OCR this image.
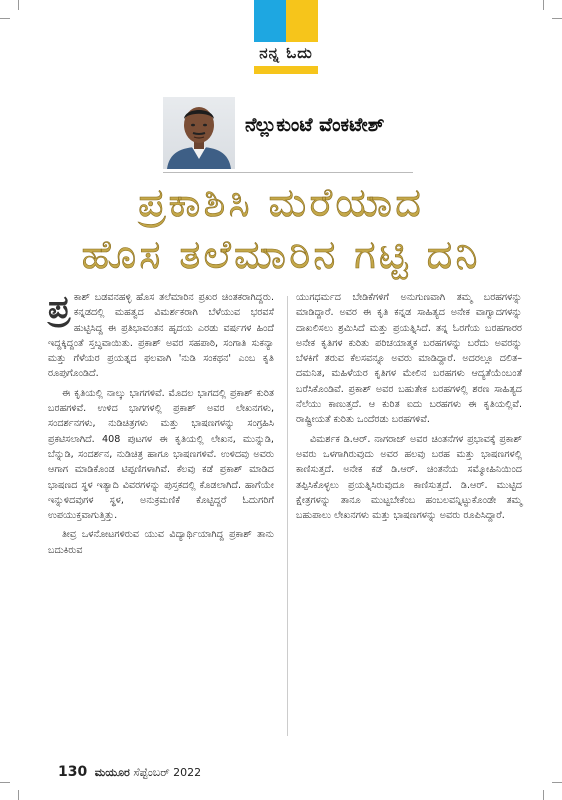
ನನ್ನ ಓದು
ನೆಲ್ಲುಕುಂಟೆ ವೆಂಕಟೇಶ್
ಪ್ರಕಾಶಿಸಿ ಮರೆಯಾದ
ಹೊಸ ತಲೆಮಾರಿನ ಗಟ್ಟಿ ದನಿ

ಪ್ರ ಕಾಶ್ ಬಡವನಹಳ್ಳಿ ಹೊಸ ತಲೆಮಾರಿನ ಪ್ರಖರ ಚಿಂತಕರಾಗಿದ್ದರು. ಕನ್ನಡದಲ್ಲಿ ಮಹತ್ವದ ವಿಮರ್ಶಕರಾಗಿ ಬೆಳೆಯುವ ಭರವಸೆ ಹುಟ್ಟಿಸಿದ್ದ ಈ ಪ್ರತಿಭಾವಂತನ ಹೃದಯ ಎರಡು ವರ್ಷಗಳ ಹಿಂದೆ ಇದ್ದಕ್ಕಿದ್ದಂತೆ ಸ್ತಬ್ಧವಾಯಿತು. ಪ್ರಕಾಶ್ ಅವರ ಸಹಪಾಠಿ, ಸಂಗಾತಿ ಸುಕನ್ಯಾ ಮತ್ತು ಗೆಳೆಯರ ಪ್ರಯತ್ನದ ಫಲವಾಗಿ 'ನುಡಿ ಸಂಕಥನ' ಎಂಬ ಕೃತಿ ರೂಪುಗೊಂಡಿದೆ.

ಈ ಕೃತಿಯಲ್ಲಿ ನಾಲ್ಕು ಭಾಗಗಳಿವೆ. ಮೊದಲ ಭಾಗದಲ್ಲಿ ಪ್ರಕಾಶ್ ಕುರಿತ ಬರಹಗಳಿವೆ. ಉಳಿದ ಭಾಗಗಳಲ್ಲಿ ಪ್ರಕಾಶ್ ಅವರ ಲೇಖನಗಳು, ಸಂದರ್ಶನಗಳು, ನುಡಿಚಿತ್ರಗಳು ಮತ್ತು ಭಾಷಣಗಳನ್ನು ಸಂಗ್ರಹಿಸಿ ಪ್ರಕಟಿಸಲಾಗಿದೆ. 408 ಪುಟಗಳ ಈ ಕೃತಿಯಲ್ಲಿ ಲೇಖನ, ಮುನ್ನುಡಿ, ಬೆನ್ನುಡಿ, ಸಂದರ್ಶನ, ನುಡಿಚಿತ್ರ ಹಾಗೂ ಭಾಷಣಗಳಿವೆ. ಉಳಿದವು ಅವರು ಆಗಾಗ ಮಾಡಿಕೊಂಡ ಟಿಪ್ಪಣಿಗಳಾಗಿವೆ. ಕೆಲವು ಕಡೆ ಪ್ರಕಾಶ್ ಮಾಡಿದ ಭಾಷಣದ ಸ್ಥಳ ಇತ್ಯಾದಿ ವಿವರಗಳನ್ನು ಪುಸ್ತಕದಲ್ಲಿ ಕೊಡಲಾಗಿದೆ. ಹಾಗೆಯೇ ಇನ್ನುಳಿದವುಗಳ ಸ್ಥಳ, ಅನುಕ್ರಮಣಿಕೆ ಕೊಟ್ಟಿದ್ದರೆ ಓದುಗರಿಗೆ ಉಪಯುಕ್ತವಾಗುತ್ತಿತ್ತು.

ತೀವ್ರ ಒಳನೋಟಗಳಿರುವ ಯುವ ವಿದ್ಯಾರ್ಥಿಯಾಗಿದ್ದ ಪ್ರಕಾಶ್ ತಾನು ಬದುಕಿರುವ

ಯುಗಧರ್ಮದ ಬೇಡಿಕೆಗಳಿಗೆ ಅನುಗುಣವಾಗಿ ತಮ್ಮ ಬರಹಗಳನ್ನು ಮಾಡಿದ್ದಾರೆ. ಅವರ ಈ ಕೃತಿ ಕನ್ನಡ ಸಾಹಿತ್ಯದ ಅನೇಕ ವಾಗ್ವಾದಗಳನ್ನು ದಾಖಲಿಸಲು ಶ್ರಮಿಸಿದೆ ಮತ್ತು ಪ್ರಯತ್ನಿಸಿದೆ. ತನ್ನ ಓರಗೆಯ ಬರಹಗಾರರ ಅನೇಕ ಕೃತಿಗಳ ಕುರಿತು ಪರಿಚಯಾತ್ಮಕ ಬರಹಗಳನ್ನು ಬರೆದು ಅವರನ್ನು ಬೆಳಕಿಗೆ ತರುವ ಕೆಲಸವನ್ನೂ ಅವರು ಮಾಡಿದ್ದಾರೆ. ಅದರಲ್ಲೂ ದಲಿತ–ದಮನಿತ, ಮಹಿಳೆಯರ ಕೃತಿಗಳ ಮೇಲಿನ ಬರಹಗಳು ಆದ್ಯತೆಯೆಂಬಂತೆ ಬರೆಸಿಕೊಂಡಿವೆ. ಪ್ರಕಾಶ್ ಅವರ ಬಹುತೇಕ ಬರಹಗಳಲ್ಲಿ ಶರಣ ಸಾಹಿತ್ಯದ ನೆಲೆಯು ಕಾಣುತ್ತದೆ. ಆ ಕುರಿತ ಐದು ಬರಹಗಳು ಈ ಕೃತಿಯಲ್ಲಿವೆ. ರಾಷ್ಟ್ರೀಯತೆ ಕುರಿತು ಒಂದೆರಡು ಬರಹಗಳಿವೆ.

ವಿಮರ್ಶಕ ಡಿ.ಆರ್. ನಾಗರಾಜ್ ಅವರ ಚಿಂತನೆಗಳ ಪ್ರಭಾವಕ್ಕೆ ಪ್ರಕಾಶ್ ಅವರು ಒಳಗಾಗಿರುವುದು ಅವರ ಹಲವು ಬರಹ ಮತ್ತು ಭಾಷಣಗಳಲ್ಲಿ ಕಾಣಿಸುತ್ತದೆ. ಅನೇಕ ಕಡೆ ಡಿ.ಆರ್. ಚಿಂತನೆಯ ಸಮ್ಮೋಹಿನಿಯಿಂದ ತಪ್ಪಿಸಿಕೊಳ್ಳಲು ಪ್ರಯತ್ನಿಸಿರುವುದೂ ಕಾಣಿಸುತ್ತದೆ. ಡಿ.ಆರ್. ಮುಟ್ಟಿದ ಕ್ಷೇತ್ರಗಳನ್ನು ತಾನೂ ಮುಟ್ಟಬೇಕೆಂಬ ಹಂಬಲವನ್ನಿಟ್ಟುಕೊಂಡೇ ತಮ್ಮ ಬಹುಪಾಲು ಲೇಖನಗಳು ಮತ್ತು ಭಾಷಣಗಳನ್ನು ಅವರು ರೂಪಿಸಿದ್ದಾರೆ.

130 ಮಯೂರ ಸೆಪ್ಟೆಂಬರ್ 2022
